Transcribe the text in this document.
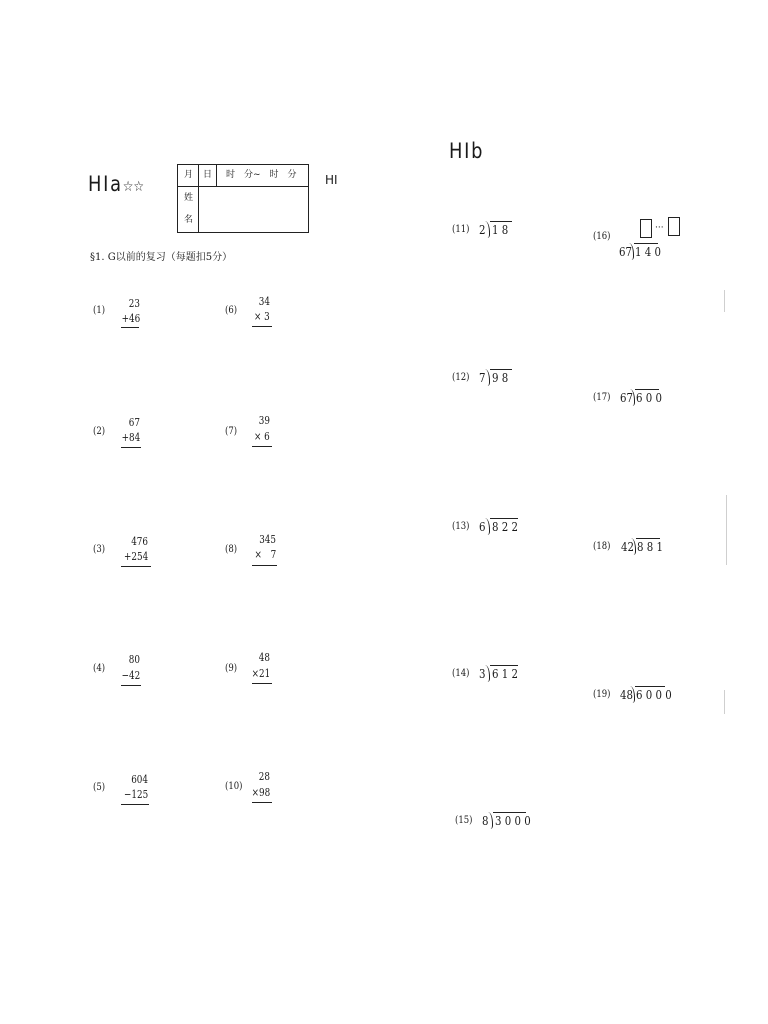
HIa☆☆
月 日 时　分~　时　分
姓
名
HI
§1. G以前的复习（每题扣5分）
(1)
23
+46
(2)
67
+84
(3)
476
+254
(4)
80
−42
(5)
604
−125
(6)
34
× 3
(7)
39
× 6
(8)
345
×　7
(9)
48
×21
(10)
28
×98
HIb
(11) 2 1 8
(12) 7 9 8
(13) 6 8 2 2
(14) 3 6 1 2
(15) 8 3 0 0 0
(16)
···
67 1 4 0
(17) 67 6 0 0
(18) 42 8 8 1
(19) 48 6 0 0 0
